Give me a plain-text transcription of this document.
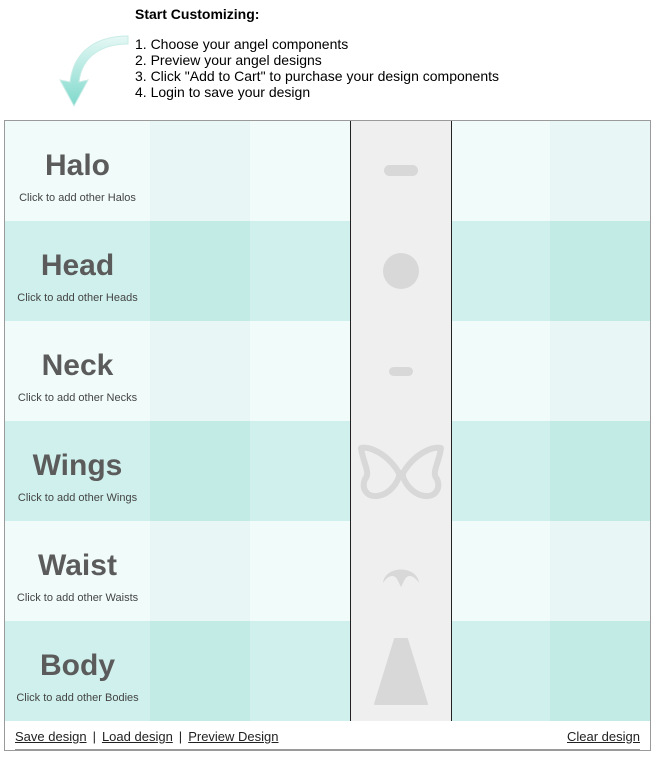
Start Customizing:
1. Choose your angel components
2. Preview your angel designs
3. Click "Add to Cart" to purchase your design components
4. Login to save your design
Halo
Click to add other Halos
Head
Click to add other Heads
Neck
Click to add other Necks
Wings
Click to add other Wings
Waist
Click to add other Waists
Body
Click to add other Bodies
Save design | Load design | Preview Design	Clear design
